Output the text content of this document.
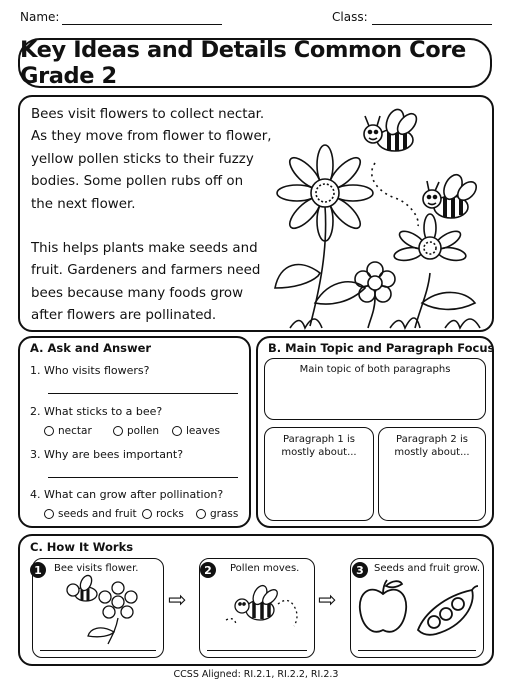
Name:	Class:
Key Ideas and Details Common Core Grade 2
Bees visit flowers to collect nectar.
As they move from flower to flower,
yellow pollen sticks to their fuzzy
bodies. Some pollen rubs off on
the next flower.
This helps plants make seeds and
fruit. Gardeners and farmers need
bees because many foods grow
after flowers are pollinated.
A. Ask and Answer
1. Who visits flowers?
2. What sticks to a bee?
nectar	pollen	leaves
3. Why are bees important?
4. What can grow after pollination?
seeds and fruit rocks grass
B. Main Topic and Paragraph Focus
Main topic of both paragraphs
Paragraph 1 is
mostly about...
Paragraph 2 is
mostly about...
C. How It Works
1	Bee visits flower.
⇨
2	Pollen moves.
⇨
3	Seeds and fruit grow.
CCSS Aligned: RI.2.1, RI.2.2, RI.2.3
